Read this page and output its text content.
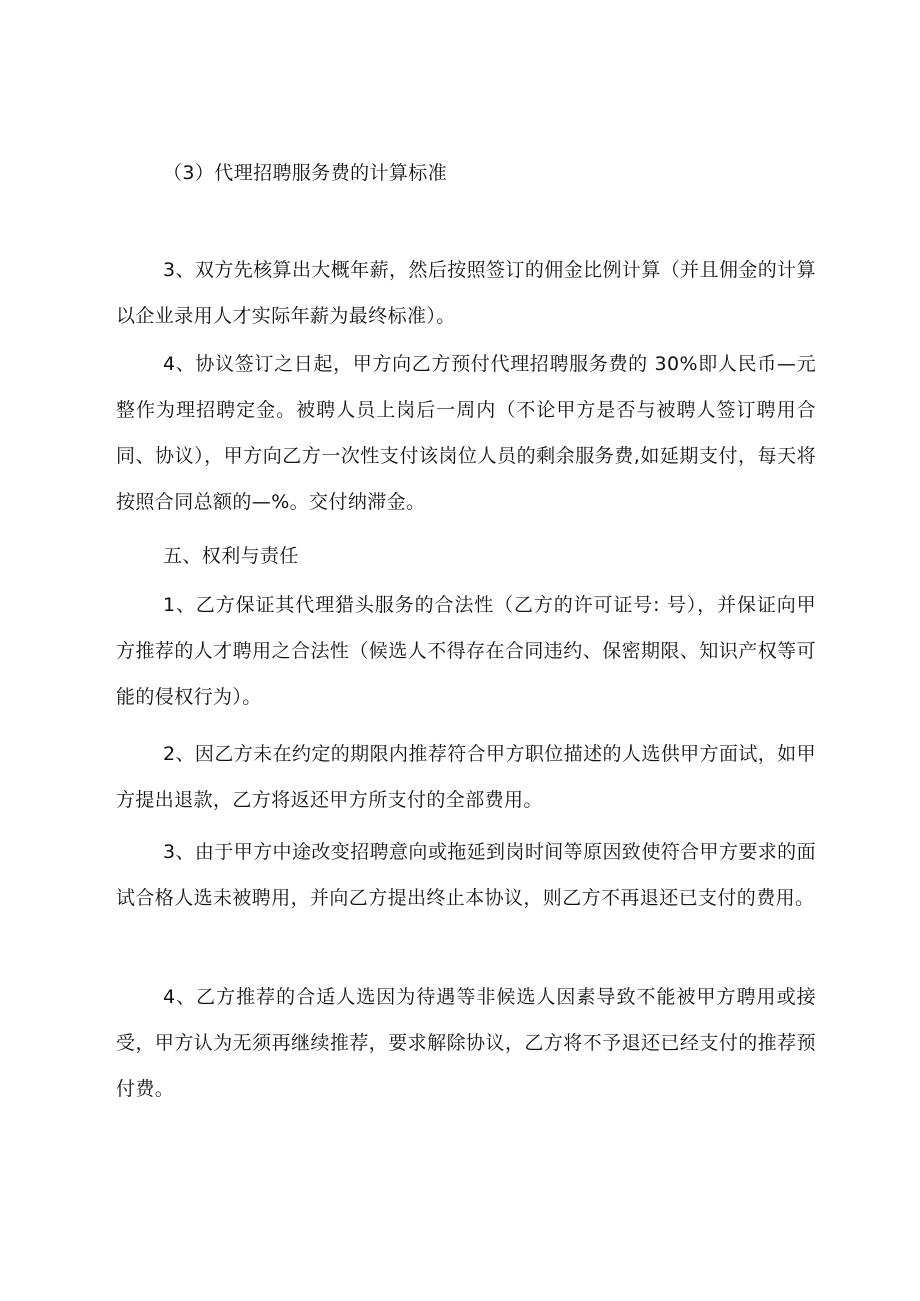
（3）代理招聘服务费的计算标准

3、双方先核算出大概年薪，然后按照签订的佣金比例计算（并且佣金的计算以企业录用人才实际年薪为最终标准）。

4、协议签订之日起，甲方向乙方预付代理招聘服务费的 30%即人民币—元整作为理招聘定金。被聘人员上岗后一周内（不论甲方是否与被聘人签订聘用合同、协议），甲方向乙方一次性支付该岗位人员的剩余服务费,如延期支付，每天将按照合同总额的—%。交付纳滞金。

五、权利与责任

1、乙方保证其代理猎头服务的合法性（乙方的许可证号: 号），并保证向甲方推荐的人才聘用之合法性（候选人不得存在合同违约、保密期限、知识产权等可能的侵权行为）。

2、因乙方未在约定的期限内推荐符合甲方职位描述的人选供甲方面试，如甲方提出退款，乙方将返还甲方所支付的全部费用。

3、由于甲方中途改变招聘意向或拖延到岗时间等原因致使符合甲方要求的面试合格人选未被聘用，并向乙方提出终止本协议，则乙方不再退还已支付的费用。

4、乙方推荐的合适人选因为待遇等非候选人因素导致不能被甲方聘用或接受，甲方认为无须再继续推荐，要求解除协议，乙方将不予退还已经支付的推荐预付费。
